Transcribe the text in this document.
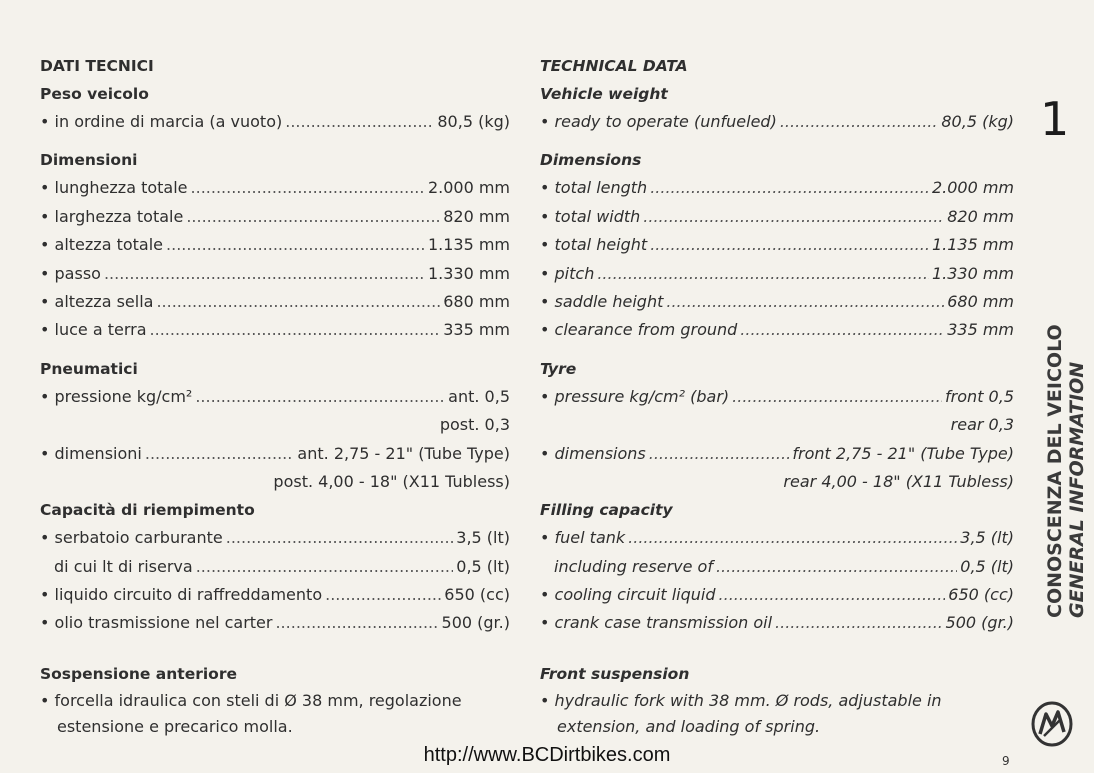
DATI TECNICI
Peso veicolo
• in ordine di marcia (a vuoto) .....	80,5 (kg)
Dimensioni
• lunghezza totale .....	2.000 mm
• larghezza totale .....	820 mm
• altezza totale .....	1.135 mm
• passo .....	1.330 mm
• altezza sella .....	680 mm
• luce a terra .....	335 mm
Pneumatici
• pressione kg/cm² .....	ant. 0,5
post. 0,3
• dimensioni .....	ant. 2,75 - 21" (Tube Type)
post. 4,00 - 18" (X11 Tubless)
Capacità di riempimento
• serbatoio carburante .....	3,5 (lt)
di cui lt di riserva .....	0,5 (lt)
• liquido circuito di raffreddamento .....	650 (cc)
• olio trasmissione nel carter .....	500 (gr.)
Sospensione anteriore
• forcella idraulica con steli di Ø 38 mm, regolazione
estensione e precarico molla.
TECHNICAL DATA
Vehicle weight
• ready to operate (unfueled) .....	80,5 (kg)
Dimensions
• total length .....	2.000 mm
• total width .....	820 mm
• total height .....	1.135 mm
• pitch .....	1.330 mm
• saddle height .....	680 mm
• clearance from ground .....	335 mm
Tyre
• pressure kg/cm² (bar) .....	front 0,5
rear 0,3
• dimensions .....	front 2,75 - 21" (Tube Type)
rear 4,00 - 18" (X11 Tubless)
Filling capacity
• fuel tank .....	3,5 (lt)
including reserve of .....	0,5 (lt)
• cooling circuit liquid .....	650 (cc)
• crank case transmission oil .....	500 (gr.)
Front suspension
• hydraulic fork with 38 mm. Ø rods, adjustable in
extension, and loading of spring.
1
CONOSCENZA DEL VEICOLO GENERAL INFORMATION
http://www.BCDirtbikes.com	9
